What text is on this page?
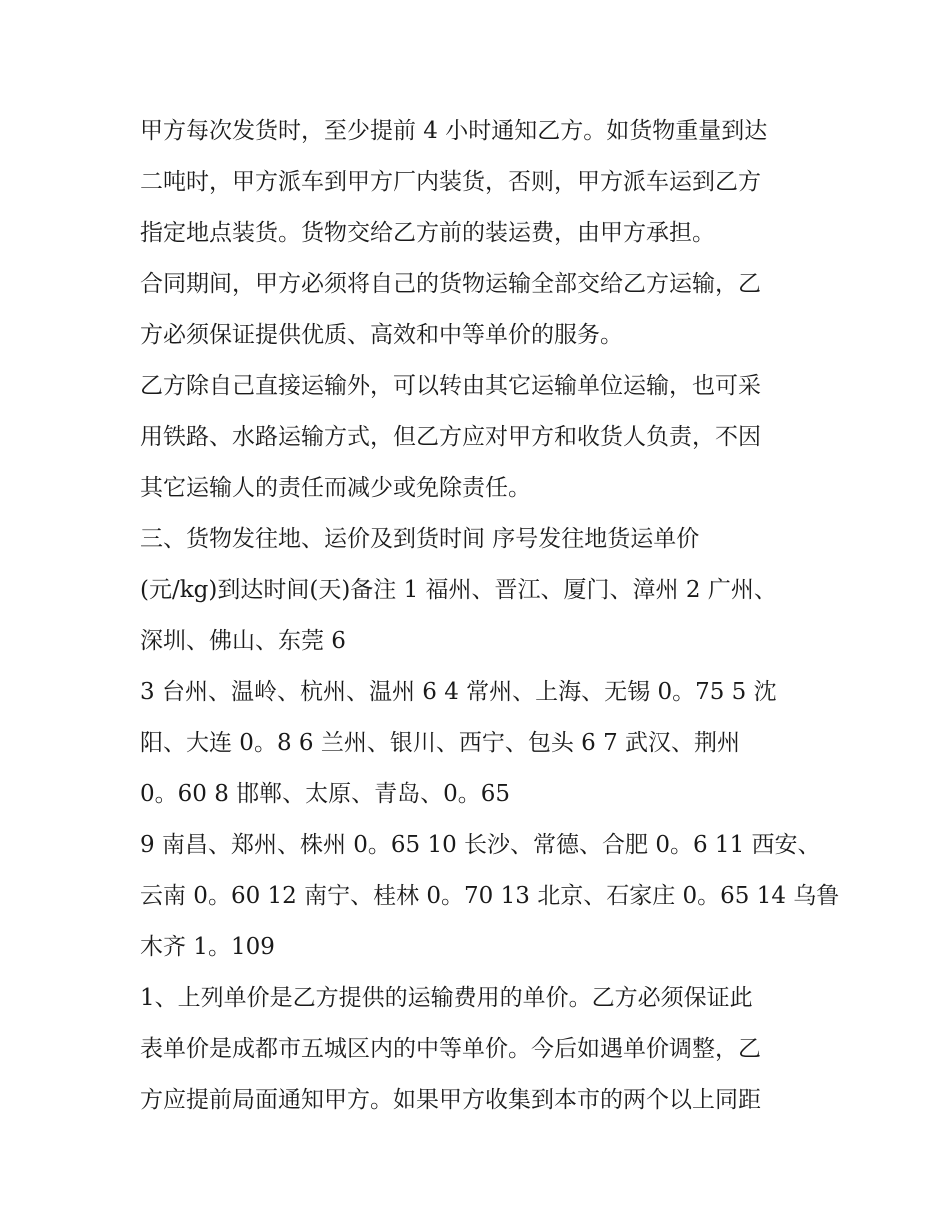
甲方每次发货时，至少提前 4 小时通知乙方。如货物重量到达
二吨时，甲方派车到甲方厂内装货，否则，甲方派车运到乙方
指定地点装货。货物交给乙方前的装运费，由甲方承担。
合同期间，甲方必须将自己的货物运输全部交给乙方运输，乙
方必须保证提供优质、高效和中等单价的服务。
乙方除自己直接运输外，可以转由其它运输单位运输，也可采
用铁路、水路运输方式，但乙方应对甲方和收货人负责，不因
其它运输人的责任而减少或免除责任。
三、货物发往地、运价及到货时间 序号发往地货运单价
(元/kg)到达时间(天)备注 1 福州、晋江、厦门、漳州 2 广州、
深圳、佛山、东莞 6
3 台州、温岭、杭州、温州 6 4 常州、上海、无锡 0。75 5 沈
阳、大连 0。8 6 兰州、银川、西宁、包头 6 7 武汉、荆州
0。60 8 邯郸、太原、青岛、0。65
9 南昌、郑州、株州 0。65 10 长沙、常德、合肥 0。6 11 西安、
云南 0。60 12 南宁、桂林 0。70 13 北京、石家庄 0。65 14 乌鲁
木齐 1。109
1、上列单价是乙方提供的运输费用的单价。乙方必须保证此
表单价是成都市五城区内的中等单价。今后如遇单价调整，乙
方应提前局面通知甲方。如果甲方收集到本市的两个以上同距
